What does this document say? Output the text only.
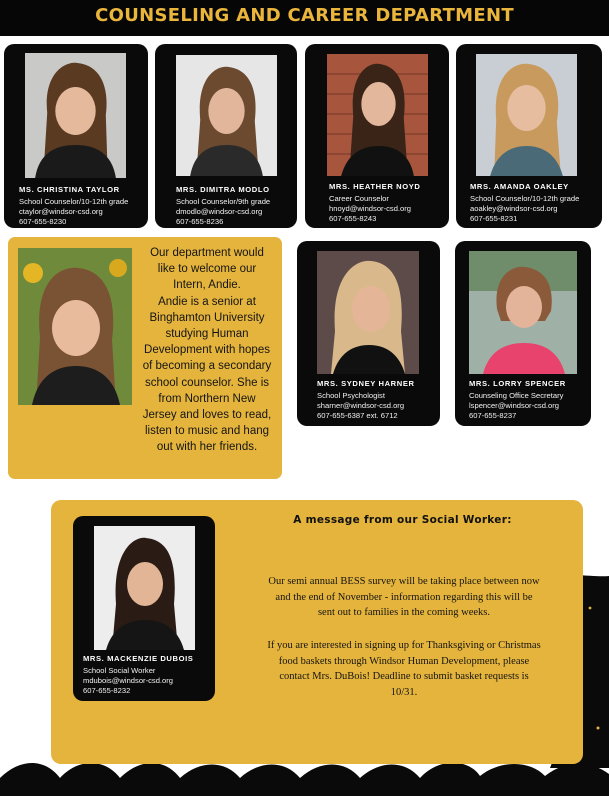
COUNSELING AND CAREER DEPARTMENT
MS. CHRISTINA TAYLOR
School Counselor/10-12th grade
ctaylor@windsor-csd.org
607-655-8230
MRS. DIMITRA MODLO
School Counselor/9th grade
dmodlo@windsor-csd.org
607-655-8236
MRS. HEATHER NOYD
Career Counselor
hnoyd@windsor-csd.org
607-655-8243
MRS. AMANDA OAKLEY
School Counselor/10-12th grade
aoakley@windsor-csd.org
607-655-8231
Our department would
like to welcome our
Intern, Andie.
Andie is a senior at
Binghamton University
studying Human
Development with hopes
of becoming a secondary
school counselor. She is
from Northern New
Jersey and loves to read,
listen to music and hang
out with her friends.
MRS. SYDNEY HARNER
School Psychologist
sharner@windsor-csd.org
607-655-6387 ext. 6712
MRS. LORRY SPENCER
Counseling Office Secretary
lspencer@windsor-csd.org
607-655-8237
MRS. MACKENZIE DUBOIS
School Social Worker
mdubois@windsor-csd.org
607-655-8232
A message from our Social Worker:
Our semi annual BESS survey will be taking place between now
and the end of November - information regarding this will be
sent out to families in the coming weeks.
If you are interested in signing up for Thanksgiving or Christmas
food baskets through Windsor Human Development, please
contact Mrs. DuBois! Deadline to submit basket requests is
10/31.
